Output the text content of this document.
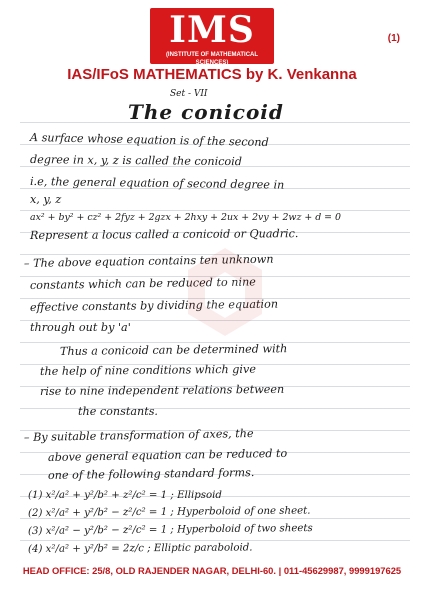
IMS
(INSTITUTE OF MATHEMATICAL SCIENCES)
(1)
IAS/IFoS MATHEMATICS by K. Venkanna
Set - VII
The conicoid
A surface whose equation is of the second
degree in x, y, z is called the conicoid
i.e, the general equation of second degree in
x, y, z
ax² + by² + cz² + 2fyz + 2gzx + 2hxy + 2ux + 2vy + 2wz + d = 0
Represent a locus called a conicoid or Quadric.
– The above equation contains ten unknown
constants which can be reduced to nine
effective constants by dividing the equation
through out by 'a'
Thus a conicoid can be determined with
the help of nine conditions which give
rise to nine independent relations between
the constants.
– By suitable transformation of axes, the
above general equation can be reduced to
one of the following standard forms.
(1) x²/a² + y²/b² + z²/c² = 1 ; Ellipsoid
(2) x²/a² + y²/b² − z²/c² = 1 ; Hyperboloid of one sheet.
(3) x²/a² − y²/b² − z²/c² = 1 ; Hyperboloid of two sheets
(4) x²/a² + y²/b² = 2z/c ; Elliptic paraboloid.
HEAD OFFICE: 25/8, OLD RAJENDER NAGAR, DELHI-60. | 011-45629987, 9999197625
